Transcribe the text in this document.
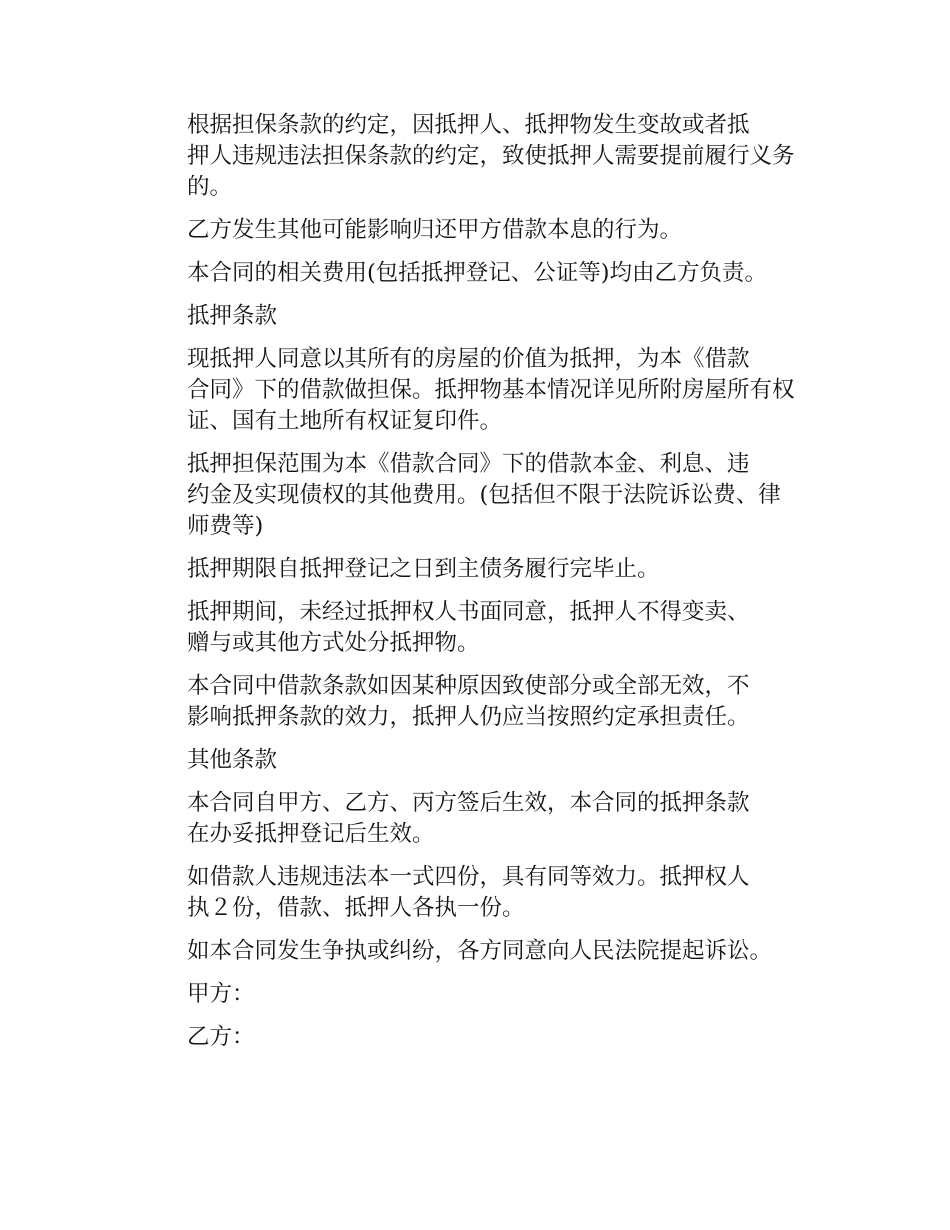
根据担保条款的约定，因抵押人、抵押物发生变故或者抵
押人违规违法担保条款的约定，致使抵押人需要提前履行义务
的。
乙方发生其他可能影响归还甲方借款本息的行为。
本合同的相关费用(包括抵押登记、公证等)均由乙方负责。
抵押条款
现抵押人同意以其所有的房屋的价值为抵押，为本《借款
合同》下的借款做担保。抵押物基本情况详见所附房屋所有权
证、国有土地所有权证复印件。
抵押担保范围为本《借款合同》下的借款本金、利息、违
约金及实现债权的其他费用。(包括但不限于法院诉讼费、律
师费等)
抵押期限自抵押登记之日到主债务履行完毕止。
抵押期间，未经过抵押权人书面同意，抵押人不得变卖、
赠与或其他方式处分抵押物。
本合同中借款条款如因某种原因致使部分或全部无效，不
影响抵押条款的效力，抵押人仍应当按照约定承担责任。
其他条款
本合同自甲方、乙方、丙方签后生效，本合同的抵押条款
在办妥抵押登记后生效。
如借款人违规违法本一式四份，具有同等效力。抵押权人
执２份，借款、抵押人各执一份。
如本合同发生争执或纠纷，各方同意向人民法院提起诉讼。
甲方：
乙方：
